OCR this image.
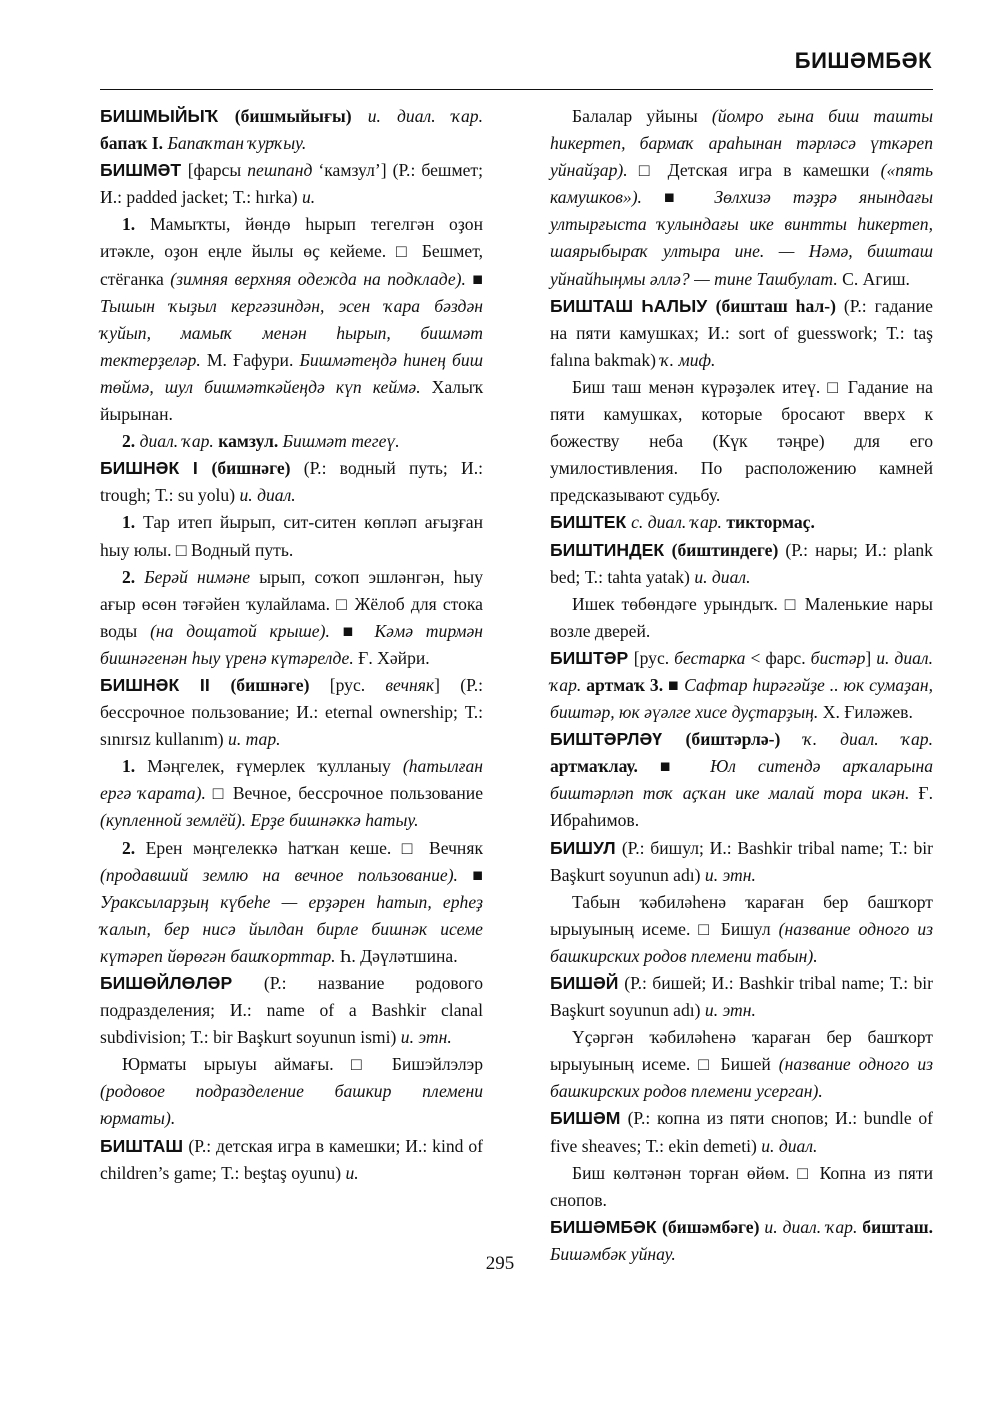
БИШӘМБӘК

БИШМЫЙЫҠ (бишмыйығы) и. диал. ҡар. бапаҡ I. Бапаҡтан ҡурҡыу.

БИШМӘТ [фарсы пешпанд ‘камзул’] (Р.: бешмет; И.: padded jacket; Т.: hırka) и.

1. Мамыҡты, йөндө һырып тегелгән оҙон итәкле, оҙон еңле йылы өҫ кейеме. □ Бешмет, стёганка (зимняя верхняя одежда на подкладе). ■ Тышын ҡыҙыл кергәзиндән, эсен ҡара бәздән ҡуйып, мамыҡ менән һырып, бишмәт тектерҙеләр. М. Ғафури. Бишмәтеңдә һинең биш төймә, шул бишмәткәйеңдә күп кеймә. Халыҡ йырынан.

2. диал. ҡар. камзул. Бишмәт тегеү.

БИШНӘК I (бишнәге) (Р.: водный путь; И.: trough; Т.: su yolu) и. диал.

1. Тар итеп йырып, сит-ситен көпләп ағыҙған һыу юлы. □ Водный путь.

2. Берәй нимәне ырып, соҡоп эшләнгән, һыу ағыр өсөн тәғәйен ҡулайлама. □ Жёлоб для стока воды (на дощатой крыше). ■ Кәмә тирмән бишнәгенән һыу үренә күтәрелде. Ғ. Хәйри.

БИШНӘК II (бишнәге) [рус. вечняк] (Р.: бессрочное пользование; И.: eternal ownership; Т.: sınırsız kullanım) и. тар.

1. Мәңгелек, ғүмерлек ҡулланыу (һатылған ергә ҡарата). □ Вечное, бессрочное пользование (купленной землёй). Ерҙе бишнәккә һатыу.

2. Ерен мәңгелеккә һатҡан кеше. □ Вечняк (продавший землю на вечное пользование). ■ Ураксыларҙың күбеһе — ерҙәрен һатып, ерһеҙ ҡалып, бер нисә йылдан бирле бишнәк исеме күтәреп йөрөгән башҡорттар. Һ. Дәүләтшина.

БИШӨЙЛӨЛӘР (Р.: название родового подразделения; И.: name of a Bashkir clanal subdivision; Т.: bir Başkurt soyunun ismi) и. этн.

Юрматы ырыуы аймағы. □ Бишэйлэлэр (родовое подразделение башкир племени юрматы).

БИШТАШ (Р.: детская игра в камешки; И.: kind of children’s game; Т.: beştaş oyunu) и.

Балалар уйыны (йомро ғына биш ташты һикертеп, бармаҡ араһынан тәрләсә үткәреп уйнайҙар). □ Детская игра в камешки («пять камушков»). ■ Зөлхизә тәҙрә янындағы ултырғыста ҡулындағы ике винтты һикертеп, шаярыбыраҡ ултыра ине. — Нәмә, бишташ уйнайһыңмы әллә? — тине Ташбулат. С. Агиш.

БИШТАШ ҺАЛЫУ (бишташ һал-) (Р.: гадание на пяти камушках; И.: sort of guesswork; Т.: taş falına bakmak) ҡ. миф.

Биш таш менән күрәҙәлек итеү. □ Гадание на пяти камушках, которые бросают вверх к божеству неба (Күк тәңре) для его умилостивления. По расположению камней предсказывают судьбу.

БИШТЕК с. диал. ҡар. тиктормаҫ.

БИШТИНДЕК (биштиндеге) (Р.: нары; И.: plank bed; Т.: tahta yatak) и. диал.

Ишек төбөндәге урындыҡ. □ Маленькие нары возле дверей.

БИШТӘР [рус. бестарка < фарс. бистәр] и. диал. ҡар. артмаҡ 3. ■ Сафтар һирәгәйҙе .. юк сумаҙан, биштәр, юк әүәлгe хисе дуҫтарҙың. Х. Ғиләжев.

БИШТӘРЛӘҮ (биштәрлә-) ҡ. диал. ҡар. артмаҡлау. ■ Юл ситендә арҡаларына биштәрләп тоҡ аҫҡан ике малай тора икән. Ғ. Ибраһимов.

БИШУЛ (Р.: бишул; И.: Bashkir tribal name; Т.: bir Başkurt soyunun adı) и. этн.

Табын ҡәбиләһенә ҡараған бер башҡорт ырыуының исеме. □ Бишул (название одного из башкирских родов племени табын).

БИШӘЙ (Р.: бишей; И.: Bashkir tribal name; Т.: bir Başkurt soyunun adı) и. этн.

Үҫәргән ҡәбиләһенә ҡараған бер башҡорт ырыуының исеме. □ Бишей (название одного из башкирских родов племени усерган).

БИШӘМ (Р.: копна из пяти снопов; И.: bundle of five sheaves; Т.: ekin demeti) и. диал.

Биш көлтәнән торған өйөм. □ Копна из пяти снопов.

БИШӘМБӘК (бишәмбәге) и. диал. ҡар. бишташ. Бишәмбәк уйнау.

295
